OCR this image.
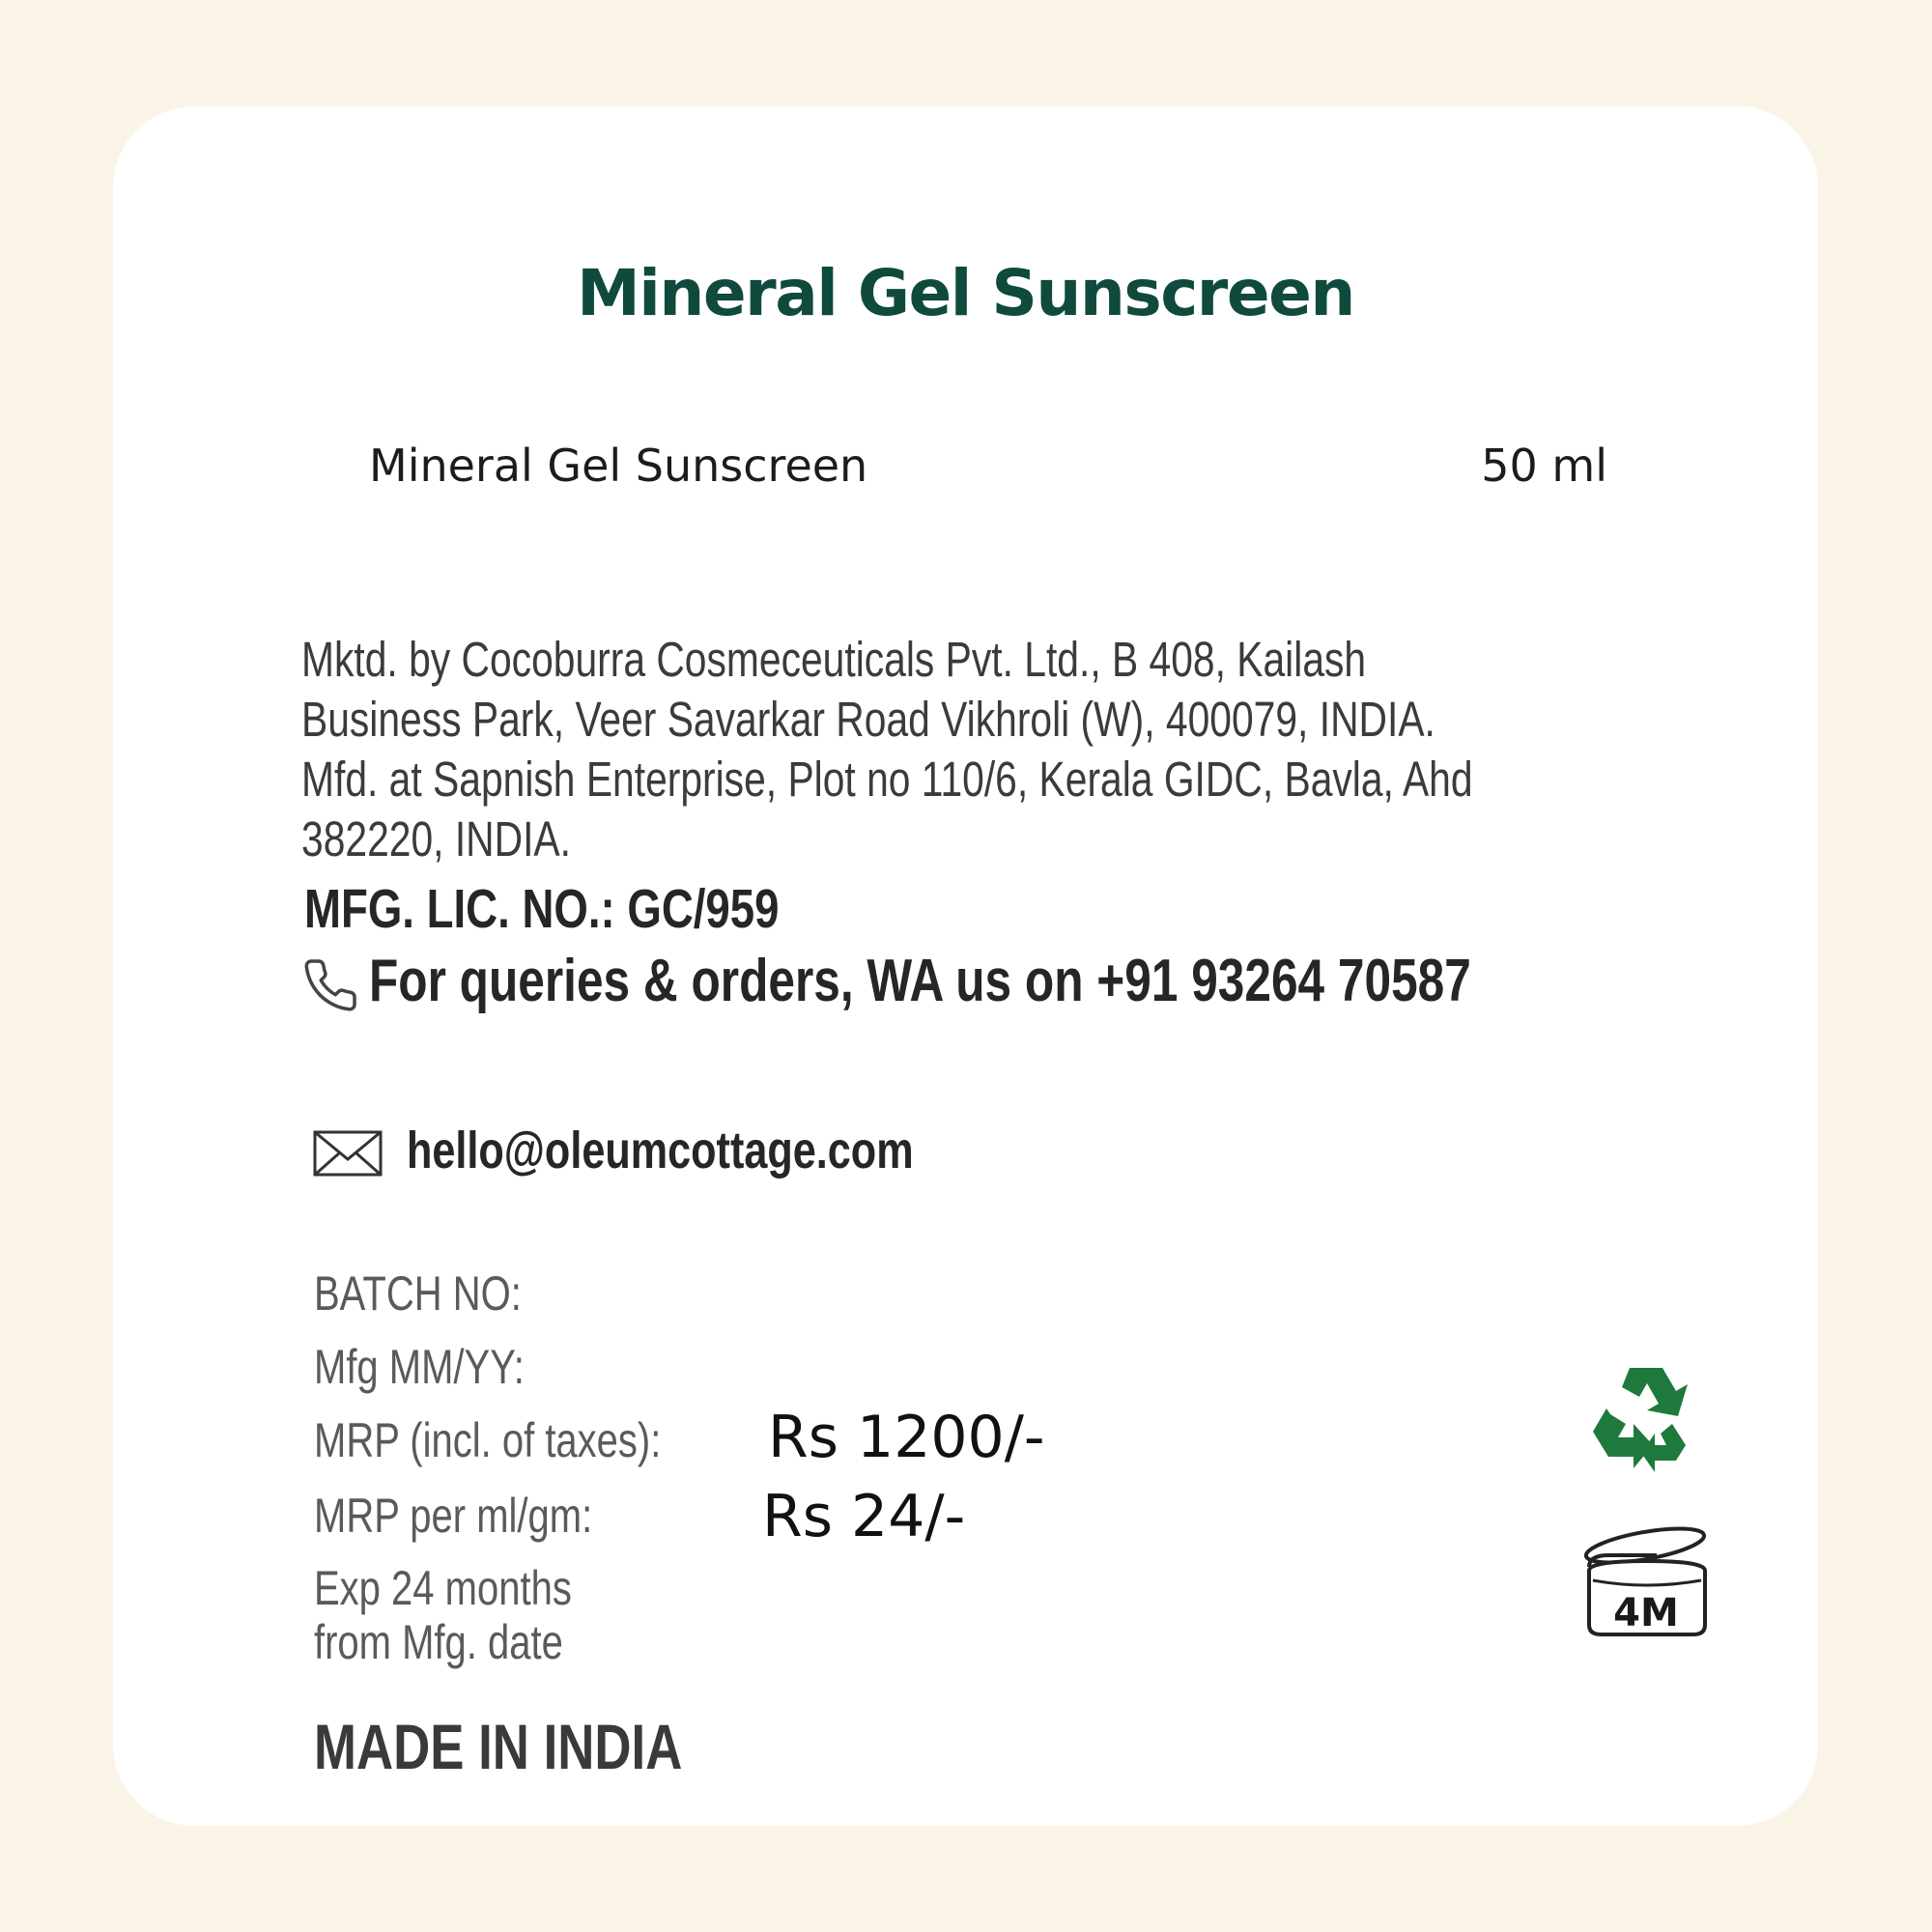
Mineral Gel Sunscreen
Mineral Gel Sunscreen	50 ml
Mktd. by Cocoburra Cosmeceuticals Pvt. Ltd., B 408, Kailash
Business Park, Veer Savarkar Road Vikhroli (W), 400079, INDIA.
Mfd. at Sapnish Enterprise, Plot no 110/6, Kerala GIDC, Bavla, Ahd
382220, INDIA.
MFG. LIC. NO.: GC/959
For queries & orders, WA us on +91 93264 70587
hello@oleumcottage.com
BATCH NO:
Mfg MM/YY:
MRP (incl. of taxes): Rs 1200/-
MRP per ml/gm:	Rs 24/-
Exp 24 months
from Mfg. date
MADE IN INDIA
4M
